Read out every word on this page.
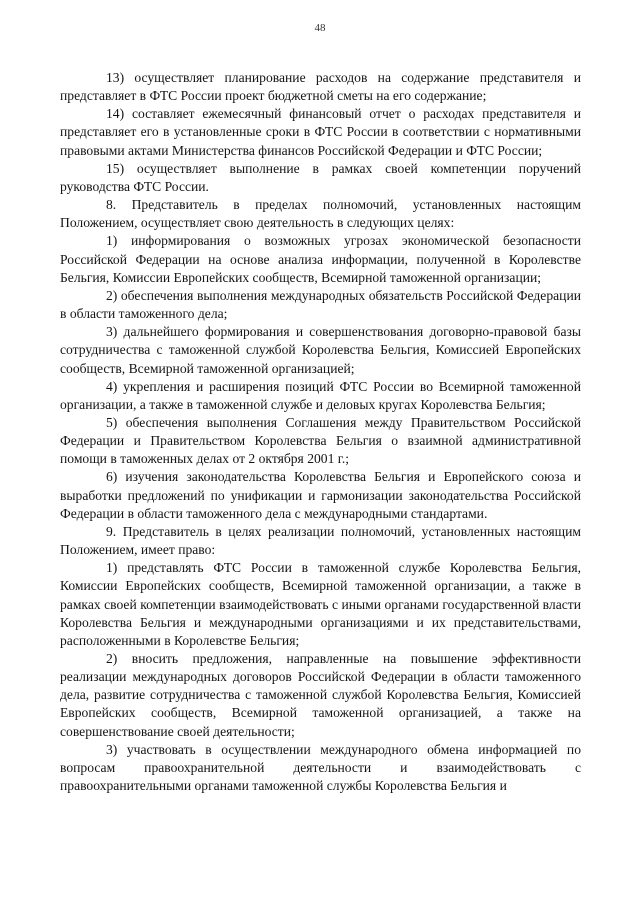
48

13) осуществляет планирование расходов на содержание представителя и представляет в ФТС России проект бюджетной сметы на его содержание;

14) составляет ежемесячный финансовый отчет о расходах представителя и представляет его в установленные сроки в ФТС России в соответствии с нормативными правовыми актами Министерства финансов Российской Федерации и ФТС России;

15) осуществляет выполнение в рамках своей компетенции поручений руководства ФТС России.

8. Представитель в пределах полномочий, установленных настоящим Положением, осуществляет свою деятельность в следующих целях:

1) информирования о возможных угрозах экономической безопасности Российской Федерации на основе анализа информации, полученной в Королевстве Бельгия, Комиссии Европейских сообществ, Всемирной таможенной организации;

2) обеспечения выполнения международных обязательств Российской Федерации в области таможенного дела;

3) дальнейшего формирования и совершенствования договорно-правовой базы сотрудничества с таможенной службой Королевства Бельгия, Комиссией Европейских сообществ, Всемирной таможенной организацией;

4) укрепления и расширения позиций ФТС России во Всемирной таможенной организации, а также в таможенной службе и деловых кругах Королевства Бельгия;

5) обеспечения выполнения Соглашения между Правительством Российской Федерации и Правительством Королевства Бельгия о взаимной административной помощи в таможенных делах от 2 октября 2001 г.;

6) изучения законодательства Королевства Бельгия и Европейского союза и выработки предложений по унификации и гармонизации законодательства Российской Федерации в области таможенного дела с международными стандартами.

9. Представитель в целях реализации полномочий, установленных настоящим Положением, имеет право:

1) представлять ФТС России в таможенной службе Королевства Бельгия, Комиссии Европейских сообществ, Всемирной таможенной организации, а также в рамках своей компетенции взаимодействовать с иными органами государственной власти Королевства Бельгия и международными организациями и их представительствами, расположенными в Королевстве Бельгия;

2) вносить предложения, направленные на повышение эффективности реализации международных договоров Российской Федерации в области таможенного дела, развитие сотрудничества с таможенной службой Королевства Бельгия, Комиссией Европейских сообществ, Всемирной таможенной организацией, а также на совершенствование своей деятельности;

3) участвовать в осуществлении международного обмена информацией по вопросам правоохранительной деятельности и взаимодействовать с правоохранительными органами таможенной службы Королевства Бельгия и
